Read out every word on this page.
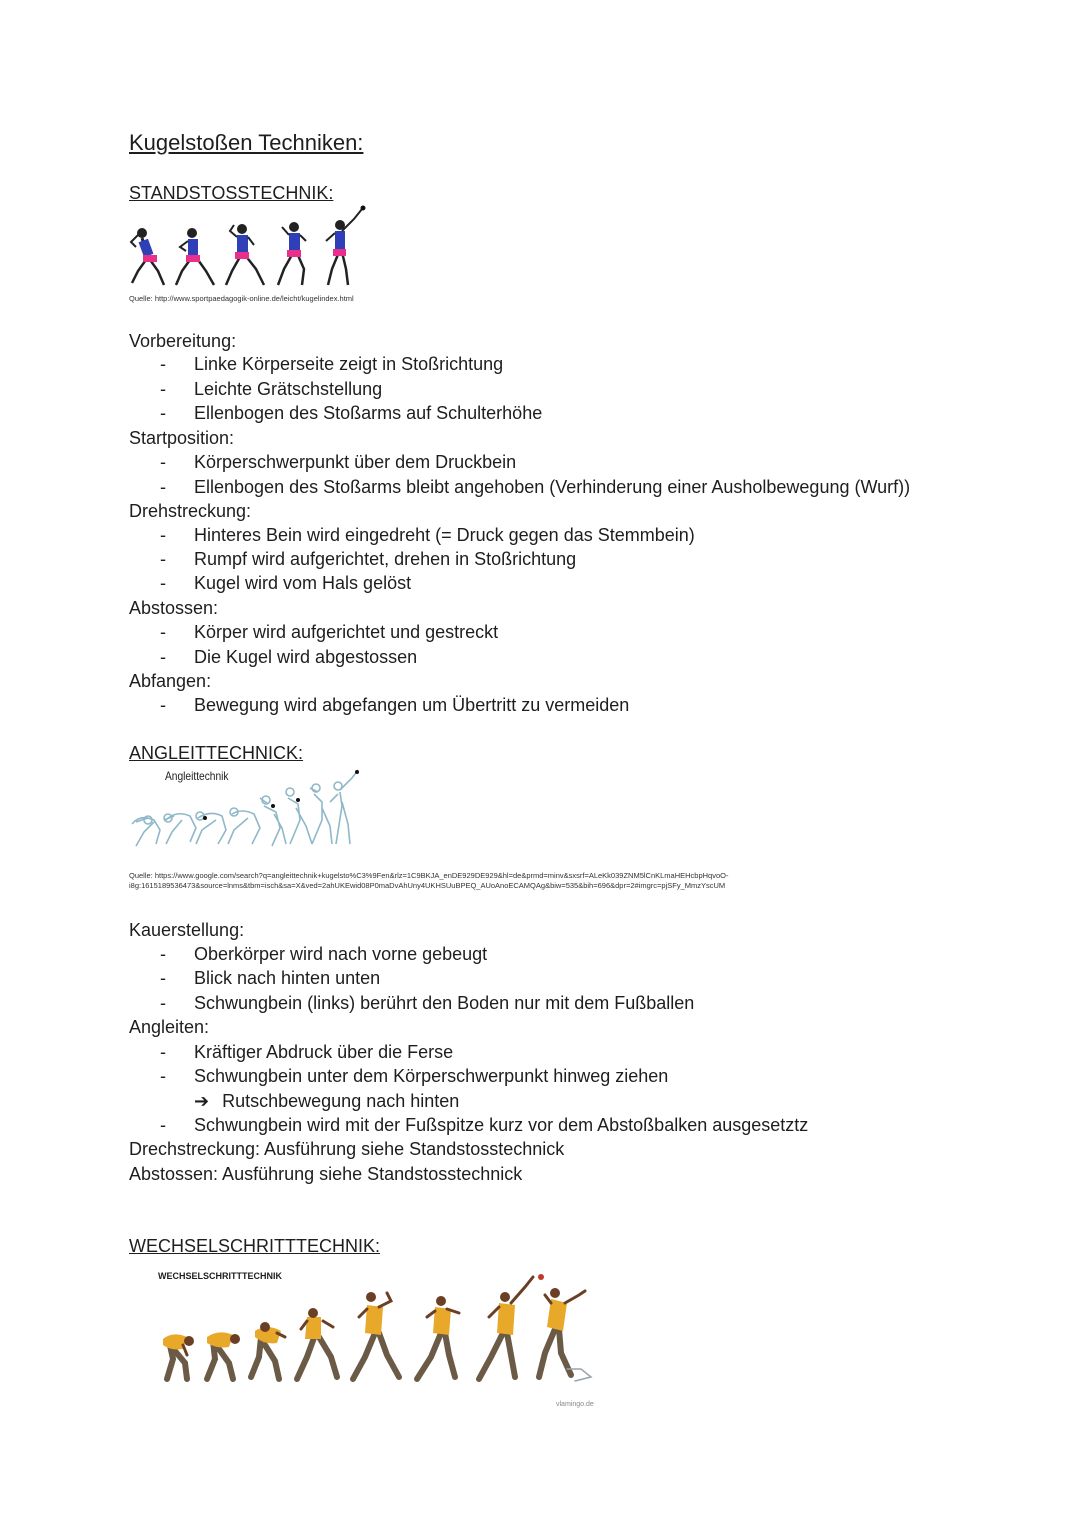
Kugelstoßen Techniken:
STANDSTOSSTECHNIK:
Quelle: http://www.sportpaedagogik-online.de/leicht/kugelindex.html
Vorbereitung:
- Linke Körperseite zeigt in Stoßrichtung
- Leichte Grätschstellung
- Ellenbogen des Stoßarms auf Schulterhöhe
Startposition:
- Körperschwerpunkt über dem Druckbein
- Ellenbogen des Stoßarms bleibt angehoben (Verhinderung einer Ausholbewegung (Wurf))
Drehstreckung:
- Hinteres Bein wird eingedreht (= Druck gegen das Stemmbein)
- Rumpf wird aufgerichtet, drehen in Stoßrichtung
- Kugel wird vom Hals gelöst
Abstossen:
- Körper wird aufgerichtet und gestreckt
- Die Kugel wird abgestossen
Abfangen:
- Bewegung wird abgefangen um Übertritt zu vermeiden
ANGLEITTECHNICK:
Angleittechnik
Quelle: https://www.google.com/search?q=angleittechnik+kugelsto%C3%9Fen&rlz=1C9BKJA_enDE929DE929&hl=de&prmd=minv&sxsrf=ALeKk039ZNM5lCnKLmaHEHcbpHqvoO-
i8g:1615189536473&source=lnms&tbm=isch&sa=X&ved=2ahUKEwid08P0maDvAhUny4UKHSUuBPEQ_AUoAnoECAMQAg&biw=535&bih=696&dpr=2#imgrc=pjSFy_MmzYscUM
Kauerstellung:
- Oberkörper wird nach vorne gebeugt
- Blick nach hinten unten
- Schwungbein (links) berührt den Boden nur mit dem Fußballen
Angleiten:
- Kräftiger Abdruck über die Ferse
- Schwungbein unter dem Körperschwerpunkt hinweg ziehen
➔ Rutschbewegung nach hinten
- Schwungbein wird mit der Fußspitze kurz vor dem Abstoßbalken ausgesetztz
Drechstreckung: Ausführung siehe Standstosstechnick
Abstossen: Ausführung siehe Standstosstechnick
WECHSELSCHRITTTECHNIK:
WECHSELSCHRITTTECHNIK
vlamingo.de
